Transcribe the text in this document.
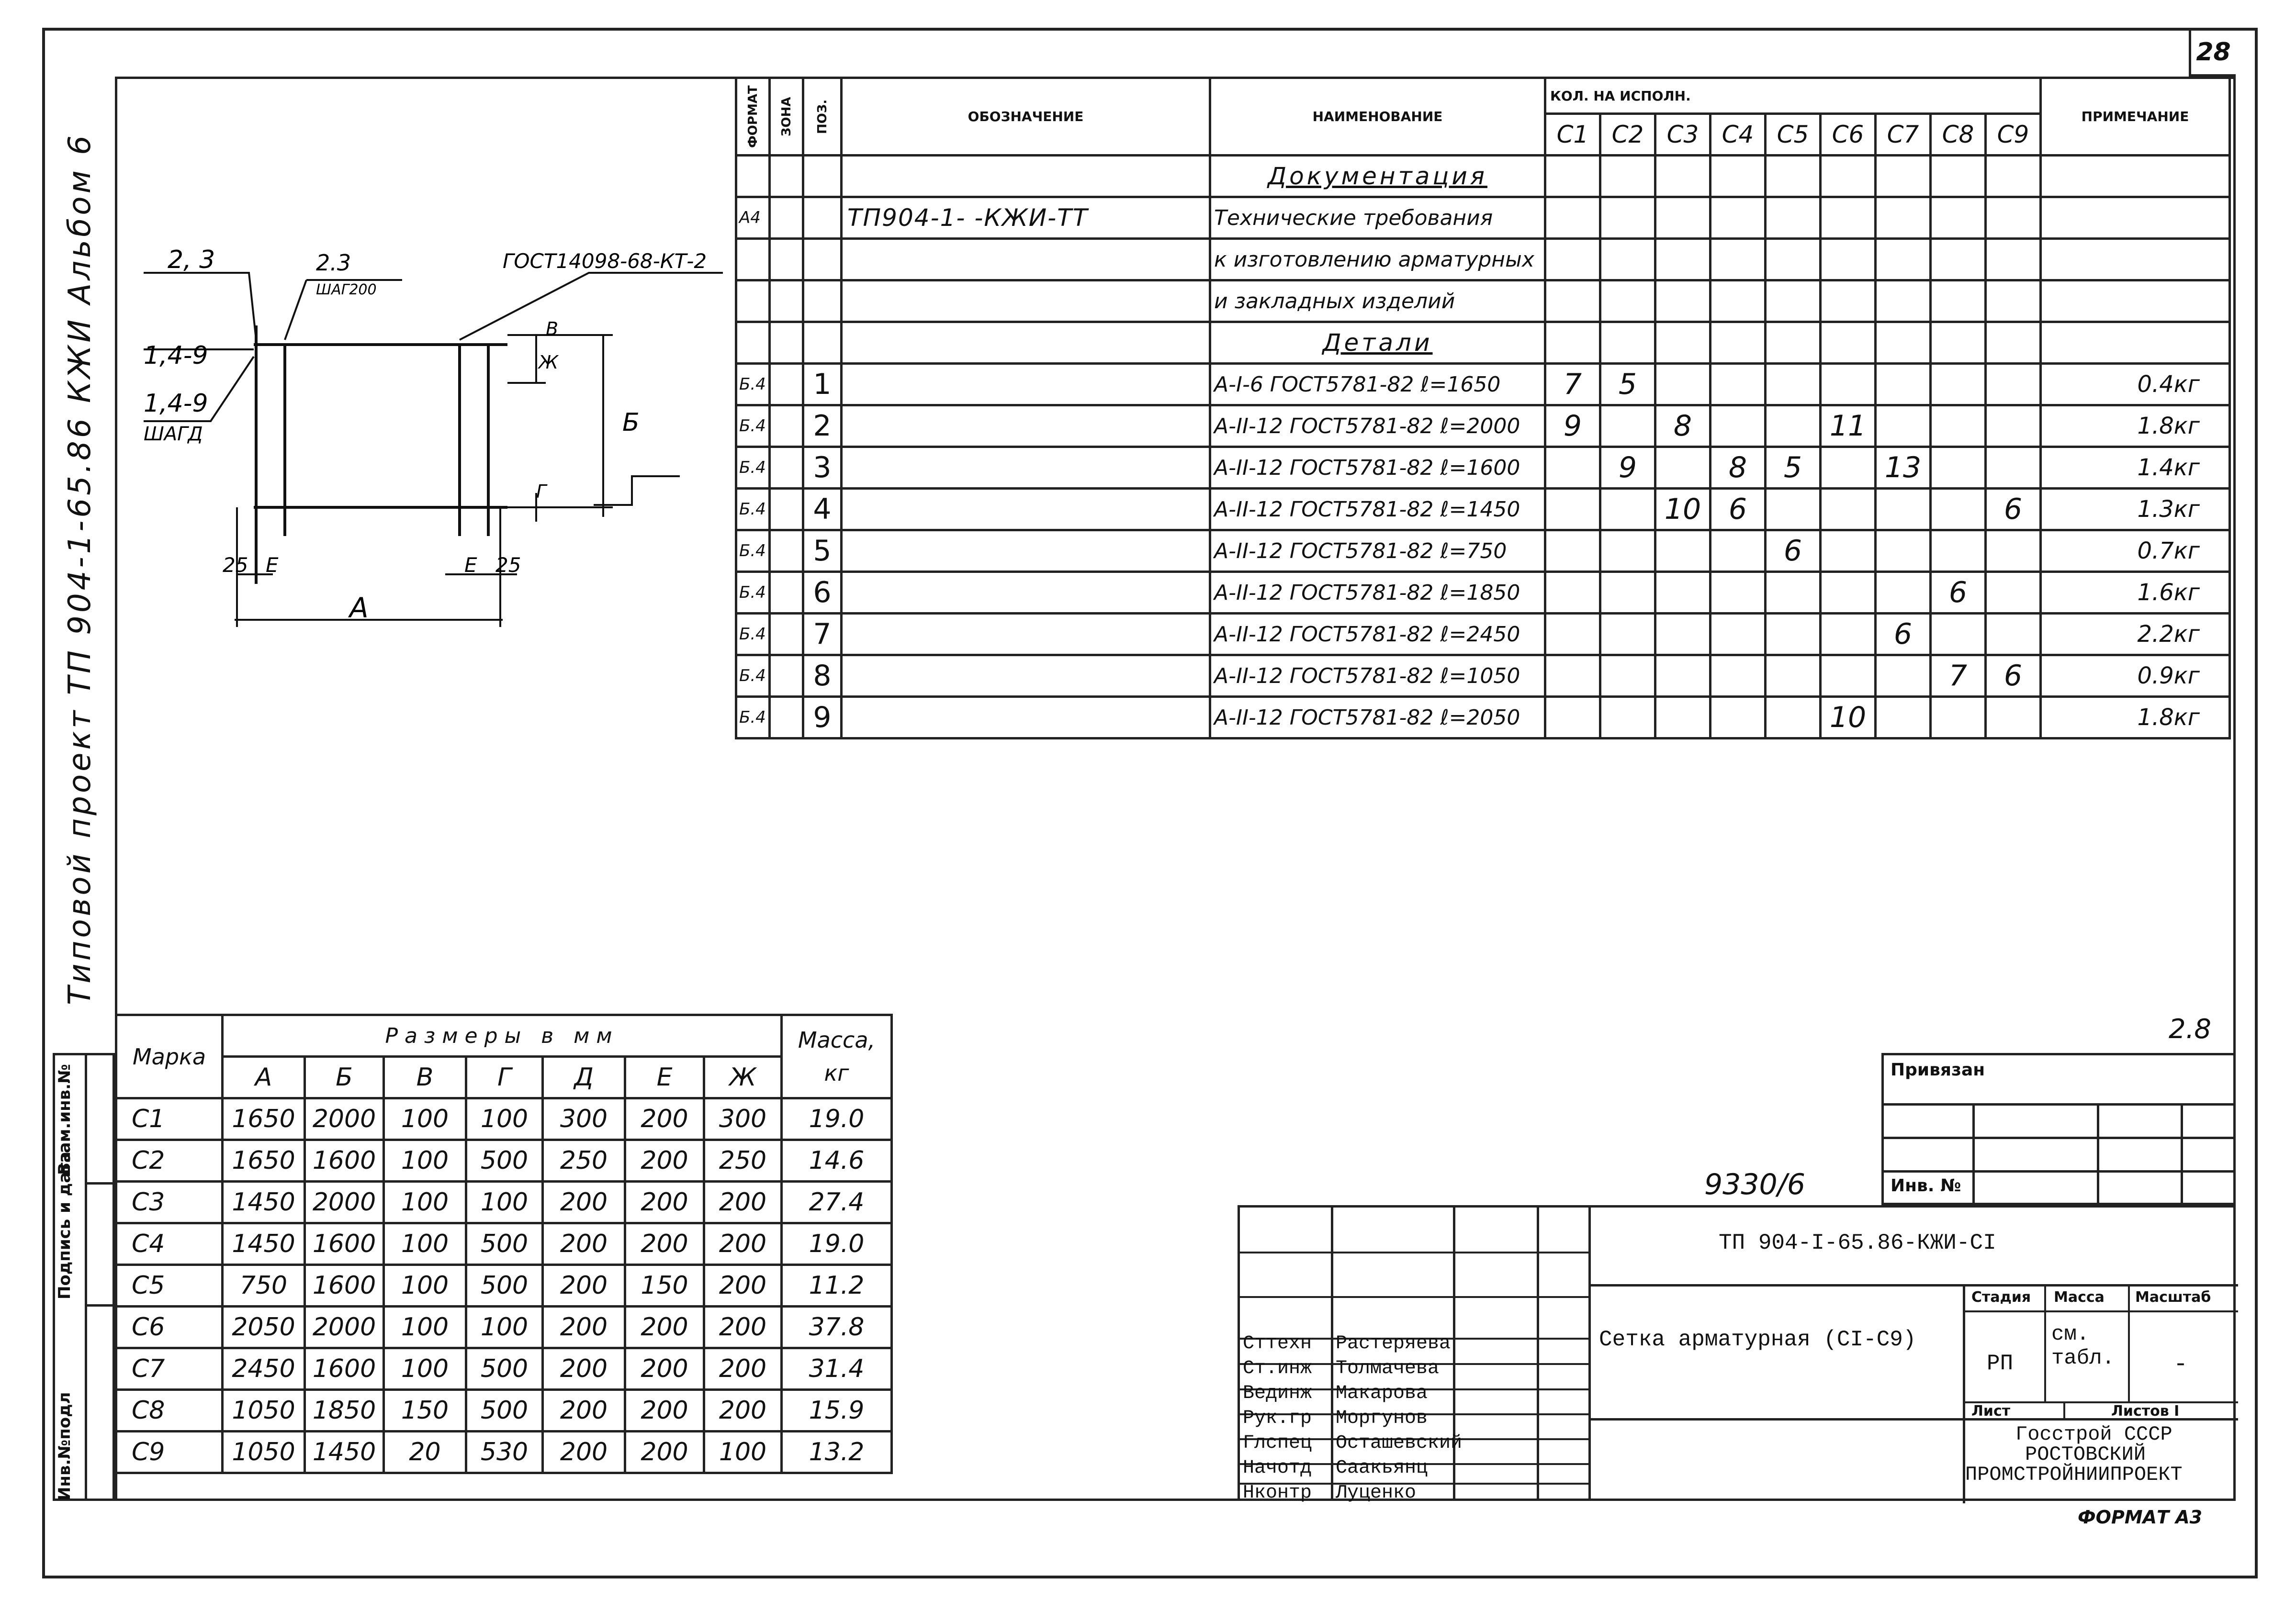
28
Типовой проект ТП 904-1-65.86 КЖИ Альбом 6
Взам.инв.№
Подпись и дата
Инв.№подл
2, 3	2.3
ШАГ200
ГОСТ14098-68-КТ-2
1,4-9
1,4-9
ШАГД
A
Б
В
Ж
Г
Е	Е
25	25
ФОРМАТ	ЗОНА	ПОЗ.	ОБОЗНАЧЕНИЕ	НАИМЕНОВАНИЕ	КОЛ. НА ИСПОЛН.									ПРИМЕЧАНИЕ
					С1	С2	С3	С4	С5	С6	С7	С8	С9	
				Документация										
А4			ТП904-1- -КЖИ-ТТ	Технические требования										
				к изготовлению арматурных										
				и закладных изделий										
				Детали										
Б.4		1		А-I-6 ГОСТ5781-82 ℓ=1650	7	5								0.4кг
Б.4		2		А-II-12 ГОСТ5781-82 ℓ=2000	9		8			11				1.8кг
Б.4		3		А-II-12 ГОСТ5781-82 ℓ=1600		9		8	5		13			1.4кг
Б.4		4		А-II-12 ГОСТ5781-82 ℓ=1450			10	6					6	1.3кг
Б.4		5		А-II-12 ГОСТ5781-82 ℓ=750					6					0.7кг
Б.4		6		А-II-12 ГОСТ5781-82 ℓ=1850								6		1.6кг
Б.4		7		А-II-12 ГОСТ5781-82 ℓ=2450							6			2.2кг
Б.4		8		А-II-12 ГОСТ5781-82 ℓ=1050								7	6	0.9кг
Б.4		9		А-II-12 ГОСТ5781-82 ℓ=2050						10				1.8кг
Марка	Размеры в мм							Масса, кг
	А	Б	В	Г	Д	Е	Ж	
С1	1650	2000	100	100	300	200	300	19.0
С2	1650	1600	100	500	250	200	250	14.6
С3	1450	2000	100	100	200	200	200	27.4
С4	1450	1600	100	500	200	200	200	19.0
С5	750	1600	100	500	200	150	200	11.2
С6	2050	2000	100	100	200	200	200	37.8
С7	2450	1600	100	500	200	200	200	31.4
С8	1050	1850	150	500	200	200	200	15.9
С9	1050	1450	20	530	200	200	100	13.2
2.8
Привязан
Инв. №
9330/6
ТП 904-I-65.86-КЖИ-СI
Сетка арматурная (СI-С9)
Стадия Масса Масштаб
РП
см. табл.	-
Лист	Листов I
Госстрой СССР
РОСТОВСКИЙ
ПРОМСТРОЙНИИПРОЕКТ
Сттехн Растеряева
Ст.инж Толмачева
Вединж Макарова
Рук.гр Моргунов
Глспец Осташевский
Начотд Саакьянц
Нконтр Луценко
ФОРМАТ А3
